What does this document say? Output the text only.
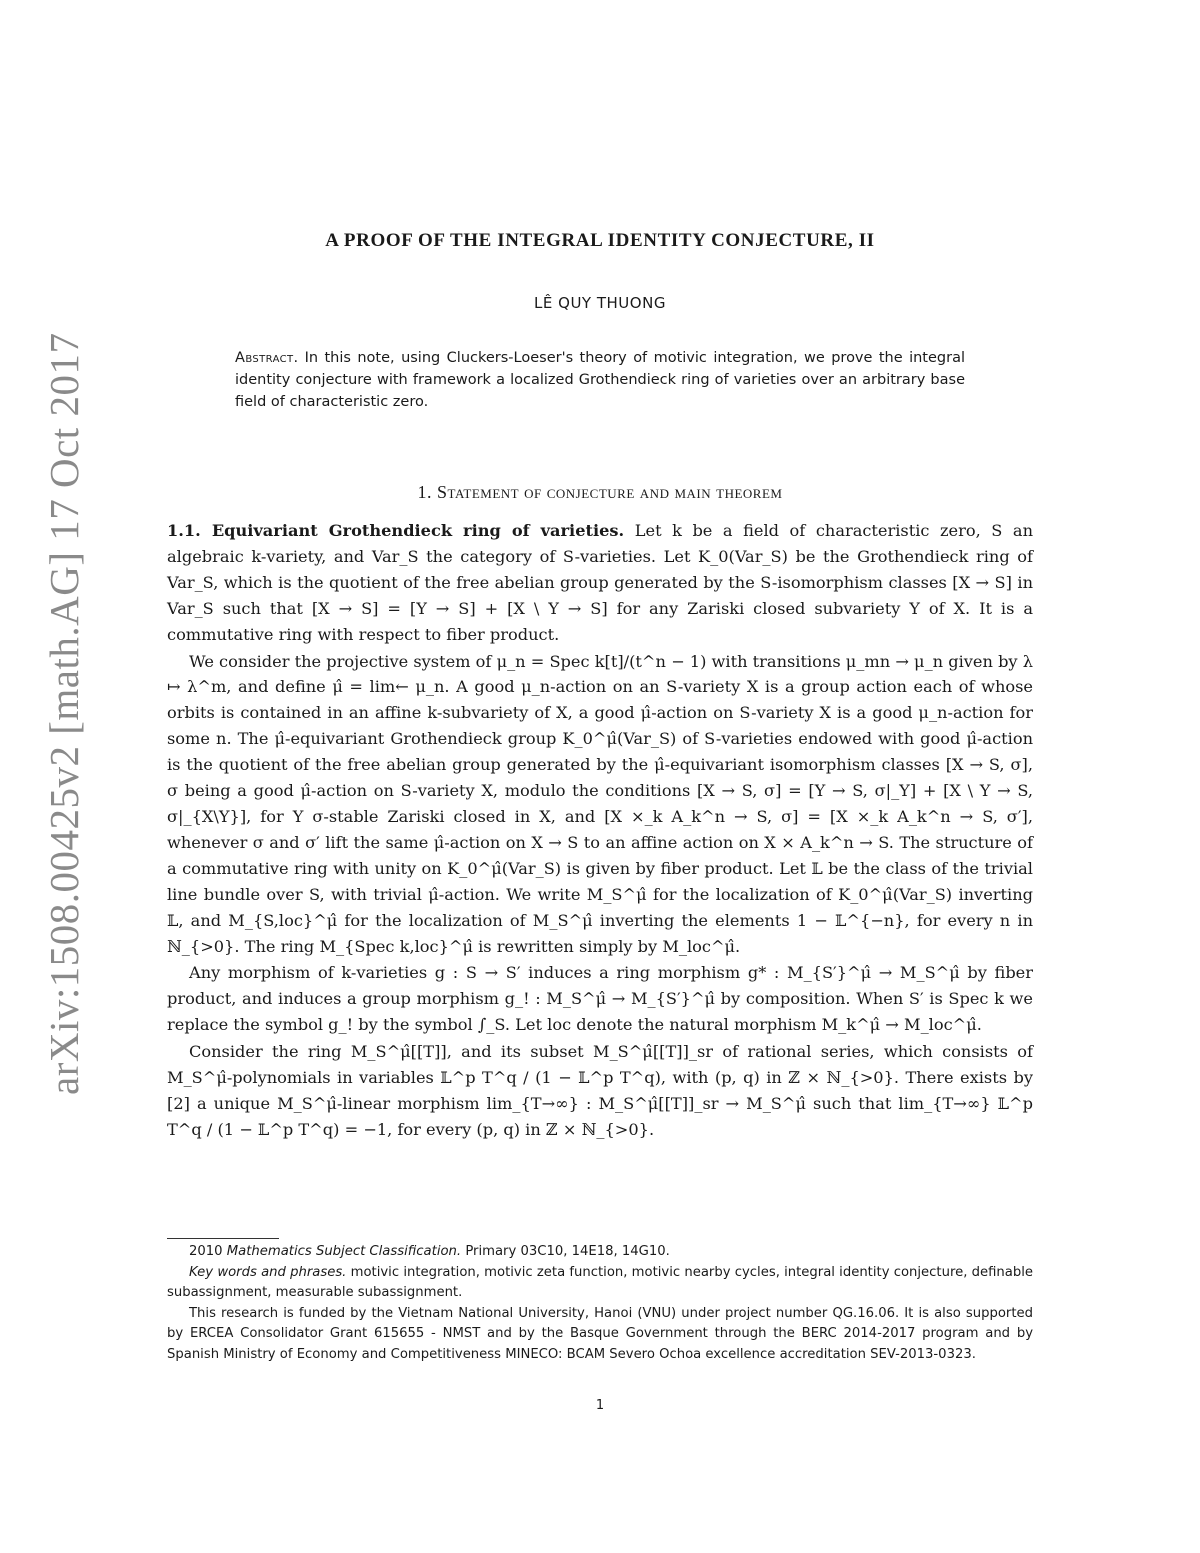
arXiv:1508.00425v2 [math.AG] 17 Oct 2017
A PROOF OF THE INTEGRAL IDENTITY CONJECTURE, II
LÊ QUY THUONG
Abstract. In this note, using Cluckers-Loeser's theory of motivic integration, we prove the integral identity conjecture with framework a localized Grothendieck ring of varieties over an arbitrary base field of characteristic zero.
1. Statement of conjecture and main theorem

1.1. Equivariant Grothendieck ring of varieties. Let k be a field of characteristic zero, S an algebraic k-variety, and Var_S the category of S-varieties. Let K_0(Var_S) be the Grothendieck ring of Var_S, which is the quotient of the free abelian group generated by the S-isomorphism classes [X → S] in Var_S such that [X → S] = [Y → S] + [X \ Y → S] for any Zariski closed subvariety Y of X. It is a commutative ring with respect to fiber product.

We consider the projective system of μ_n = Spec k[t]/(t^n − 1) with transitions μ_mn → μ_n given by λ ↦ λ^m, and define μ̂ = lim← μ_n. A good μ_n-action on an S-variety X is a group action each of whose orbits is contained in an affine k-subvariety of X, a good μ̂-action on S-variety X is a good μ_n-action for some n. The μ̂-equivariant Grothendieck group K_0^μ̂(Var_S) of S-varieties endowed with good μ̂-action is the quotient of the free abelian group generated by the μ̂-equivariant isomorphism classes [X → S, σ], σ being a good μ̂-action on S-variety X, modulo the conditions [X → S, σ] = [Y → S, σ|_Y] + [X \ Y → S, σ|_{X\Y}], for Y σ-stable Zariski closed in X, and [X ×_k A_k^n → S, σ] = [X ×_k A_k^n → S, σ′], whenever σ and σ′ lift the same μ̂-action on X → S to an affine action on X × A_k^n → S. The structure of a commutative ring with unity on K_0^μ̂(Var_S) is given by fiber product. Let 𝕃 be the class of the trivial line bundle over S, with trivial μ̂-action. We write M_S^μ̂ for the localization of K_0^μ̂(Var_S) inverting 𝕃, and M_{S,loc}^μ̂ for the localization of M_S^μ̂ inverting the elements 1 − 𝕃^{−n}, for every n in ℕ_{>0}. The ring M_{Spec k,loc}^μ̂ is rewritten simply by M_loc^μ̂.

Any morphism of k-varieties g : S → S′ induces a ring morphism g* : M_{S′}^μ̂ → M_S^μ̂ by fiber product, and induces a group morphism g_! : M_S^μ̂ → M_{S′}^μ̂ by composition. When S′ is Spec k we replace the symbol g_! by the symbol ∫_S. Let loc denote the natural morphism M_k^μ̂ → M_loc^μ̂.

Consider the ring M_S^μ̂[[T]], and its subset M_S^μ̂[[T]]_sr of rational series, which consists of M_S^μ̂-polynomials in variables 𝕃^p T^q / (1 − 𝕃^p T^q), with (p, q) in ℤ × ℕ_{>0}. There exists by [2] a unique M_S^μ̂-linear morphism lim_{T→∞} : M_S^μ̂[[T]]_sr → M_S^μ̂ such that lim_{T→∞} 𝕃^p T^q / (1 − 𝕃^p T^q) = −1, for every (p, q) in ℤ × ℕ_{>0}.

2010 Mathematics Subject Classification. Primary 03C10, 14E18, 14G10.

Key words and phrases. motivic integration, motivic zeta function, motivic nearby cycles, integral identity conjecture, definable subassignment, measurable subassignment.

This research is funded by the Vietnam National University, Hanoi (VNU) under project number QG.16.06. It is also supported by ERCEA Consolidator Grant 615655 - NMST and by the Basque Government through the BERC 2014-2017 program and by Spanish Ministry of Economy and Competitiveness MINECO: BCAM Severo Ochoa excellence accreditation SEV-2013-0323.

1
